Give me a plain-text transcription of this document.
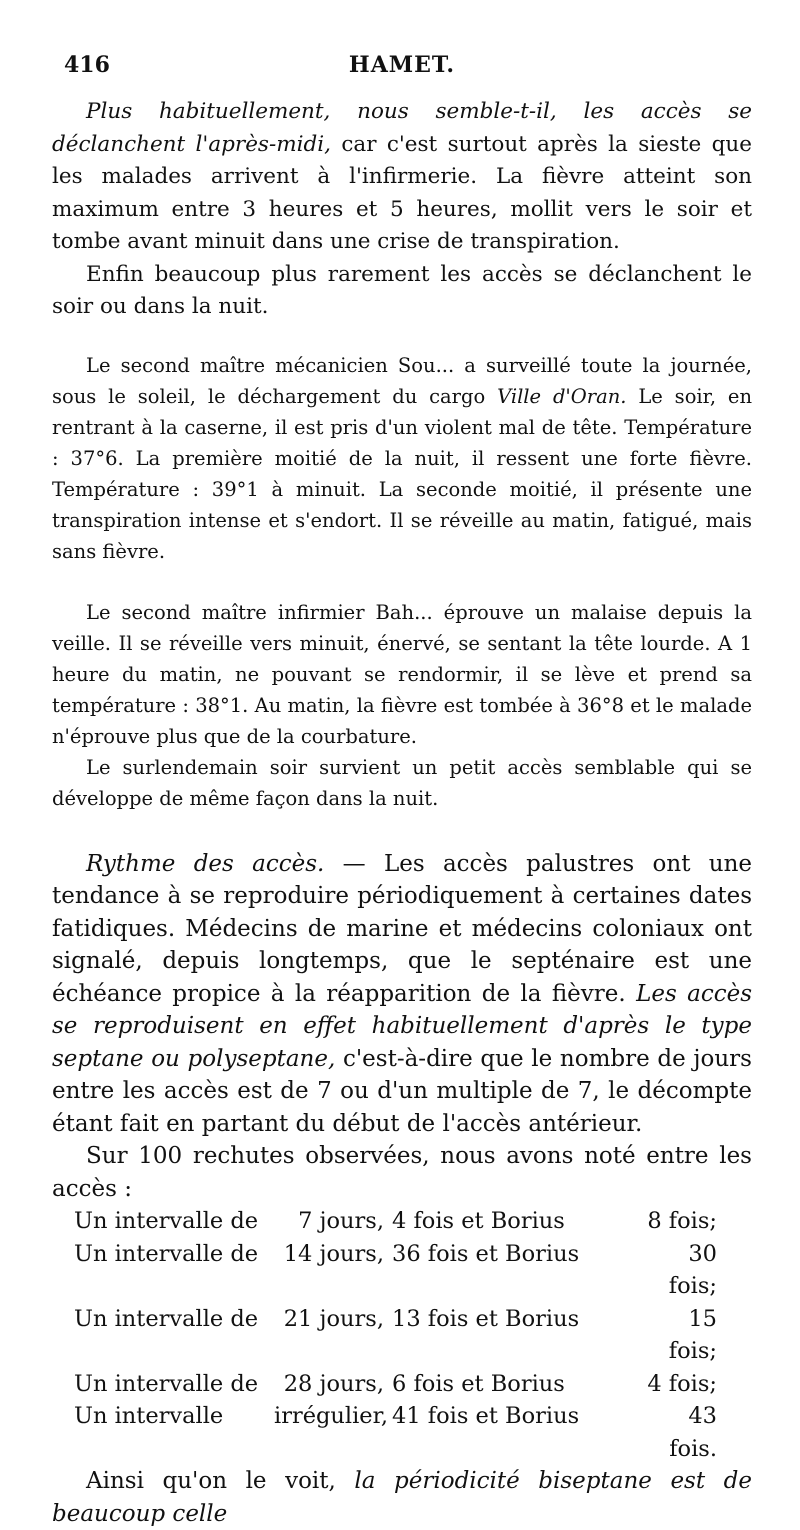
416	HAMET.

Plus habituellement, nous semble-t-il, les accès se déclanchent l'après-midi, car c'est surtout après la sieste que les malades arrivent à l'infirmerie. La fièvre atteint son maximum entre 3 heures et 5 heures, mollit vers le soir et tombe avant minuit dans une crise de transpiration.

Enfin beaucoup plus rarement les accès se déclanchent le soir ou dans la nuit.

Le second maître mécanicien Sou... a surveillé toute la journée, sous le soleil, le déchargement du cargo Ville d'Oran. Le soir, en rentrant à la caserne, il est pris d'un violent mal de tête. Température : 37°6. La première moitié de la nuit, il ressent une forte fièvre. Température : 39°1 à minuit. La seconde moitié, il présente une transpiration intense et s'endort. Il se réveille au matin, fatigué, mais sans fièvre.

Le second maître infirmier Bah... éprouve un malaise depuis la veille. Il se réveille vers minuit, énervé, se sentant la tête lourde. A 1 heure du matin, ne pouvant se rendormir, il se lève et prend sa température : 38°1. Au matin, la fièvre est tombée à 36°8 et le malade n'éprouve plus que de la courbature.

Le surlendemain soir survient un petit accès semblable qui se développe de même façon dans la nuit.

Rythme des accès. — Les accès palustres ont une tendance à se reproduire périodiquement à certaines dates fatidiques. Médecins de marine et médecins coloniaux ont signalé, depuis longtemps, que le septénaire est une échéance propice à la réapparition de la fièvre. Les accès se reproduisent en effet habituellement d'après le type septane ou polyseptane, c'est-à-dire que le nombre de jours entre les accès est de 7 ou d'un multiple de 7, le décompte étant fait en partant du début de l'accès antérieur.

Sur 100 rechutes observées, nous avons noté entre les accès :

Un intervalle de	7 jours, 4 fois et Borius	8 fois;
Un intervalle de	14 jours, 36 fois et Borius	30 fois;
Un intervalle de	21 jours, 13 fois et Borius	15 fois;
Un intervalle de	28 jours, 6 fois et Borius	4 fois;
Un intervalle	irrégulier, 41 fois et Borius	43 fois.

Ainsi qu'on le voit, la périodicité biseptane est de beaucoup celle
